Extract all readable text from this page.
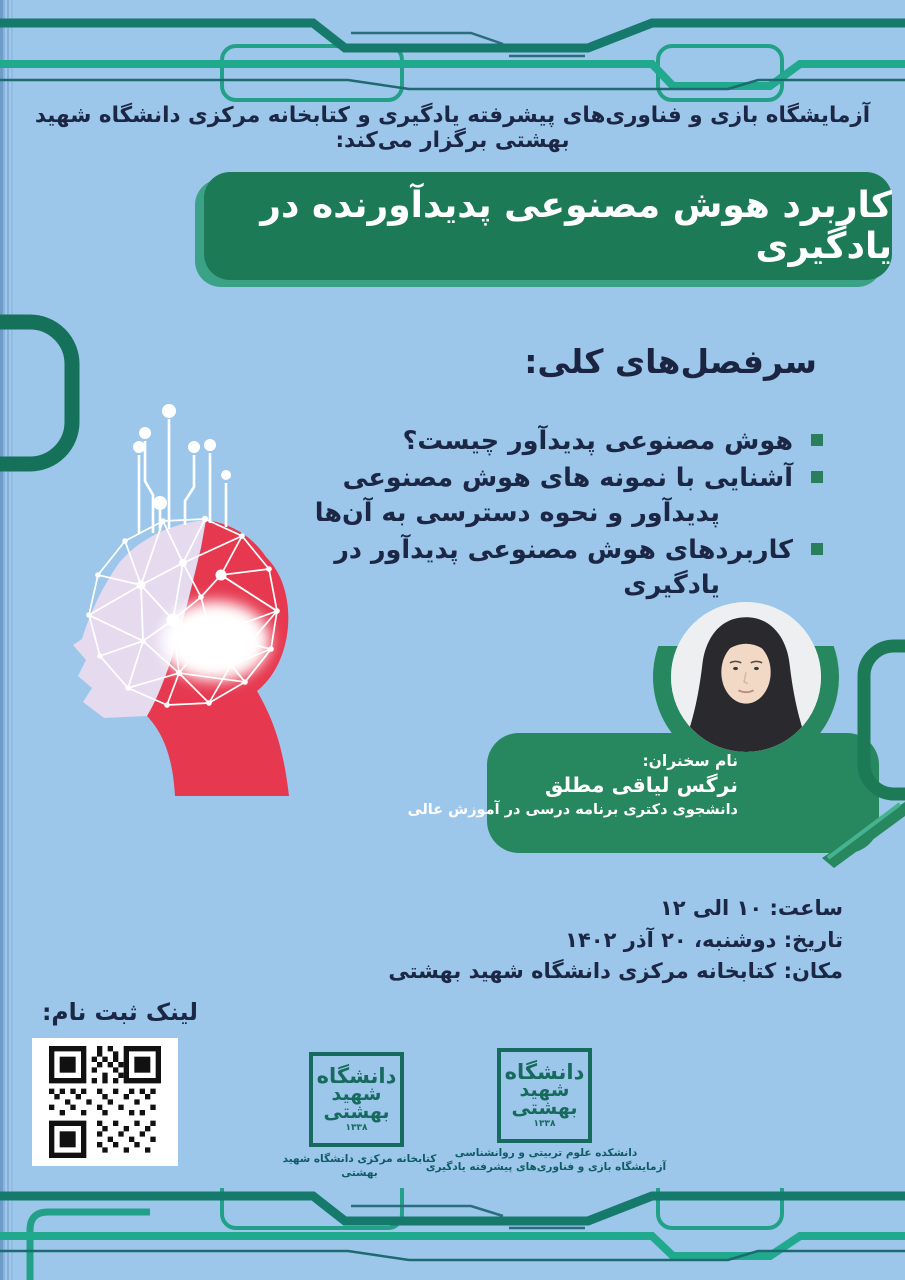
آزمایشگاه بازی و فناوری‌های پیشرفته یادگیری و کتابخانه مرکزی دانشگاه شهید بهشتی برگزار می‌کند:
کاربرد هوش مصنوعی پدیدآورنده در یادگیری
سرفصل‌های کلی:
هوش مصنوعی پدیدآور چیست؟
آشنایی با نمونه های هوش مصنوعی پدیدآور و نحوه دسترسی به آن‌ها
کاربردهای هوش مصنوعی پدیدآور در یادگیری
نام سخنران:
نرگس لیاقی مطلق
دانشجوی دکتری برنامه درسی در آموزش عالی
ساعت: ۱۰ الی ۱۲
تاریخ: دوشنبه، ۲۰ آذر ۱۴۰۲
مکان: کتابخانه مرکزی دانشگاه شهید بهشتی
لینک ثبت نام:
دانشگاه
شهید
بهشتی
۱۳۳۸
دانشگاه
شهید
بهشتی
۱۳۳۸
کتابخانه مرکزی دانشگاه شهید بهشتی
دانشکده علوم تربیتی و روانشناسی
آزمایشگاه بازی و فناوری‌های پیشرفته یادگیری
